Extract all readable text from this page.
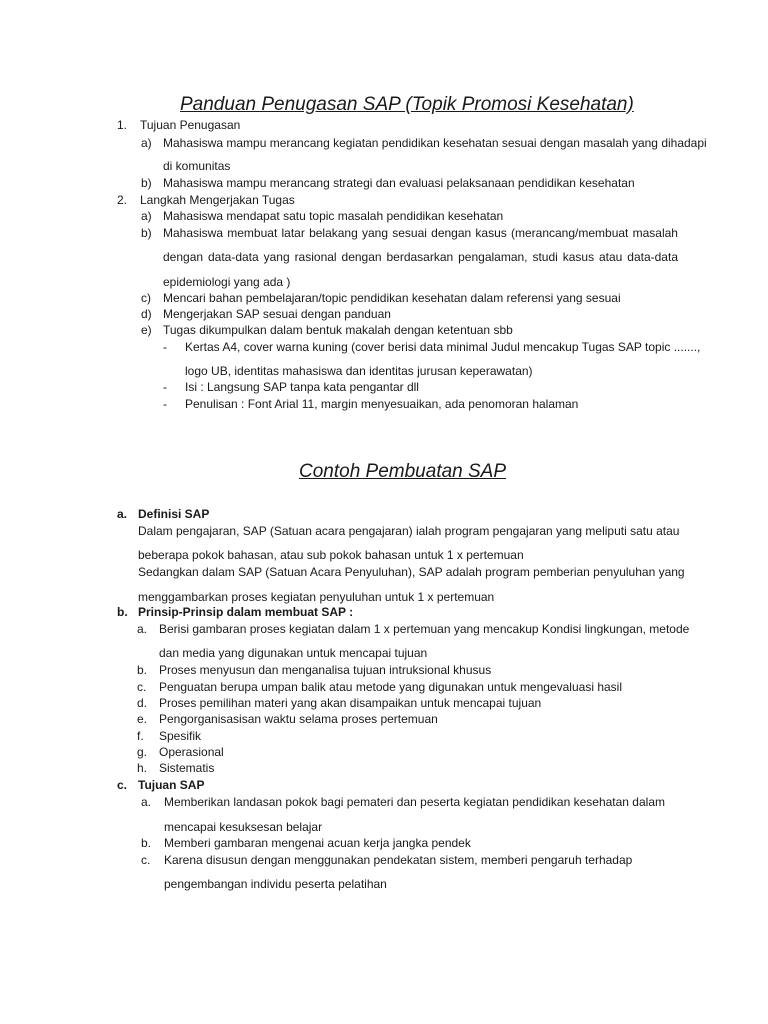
Panduan Penugasan SAP (Topik Promosi Kesehatan)
1. Tujuan Penugasan
a) Mahasiswa mampu merancang kegiatan pendidikan kesehatan sesuai dengan masalah yang dihadapi
di komunitas
b) Mahasiswa mampu merancang strategi dan evaluasi pelaksanaan pendidikan kesehatan
2. Langkah Mengerjakan Tugas
a) Mahasiswa mendapat satu topic masalah pendidikan kesehatan
b) Mahasiswa membuat latar belakang yang sesuai dengan kasus (merancang/membuat masalah
dengan data-data yang rasional dengan berdasarkan pengalaman, studi kasus atau data-data
epidemiologi yang ada )
c) Mencari bahan pembelajaran/topic pendidikan kesehatan dalam referensi yang sesuai
d) Mengerjakan SAP sesuai dengan panduan
e) Tugas dikumpulkan dalam bentuk makalah dengan ketentuan sbb
- Kertas A4, cover warna kuning (cover berisi data minimal Judul mencakup Tugas SAP topic .......,
logo UB, identitas mahasiswa dan identitas jurusan keperawatan)
- Isi : Langsung SAP tanpa kata pengantar dll
- Penulisan : Font Arial 11, margin menyesuaikan, ada penomoran halaman
Contoh Pembuatan SAP
a. Definisi SAP
Dalam pengajaran, SAP (Satuan acara pengajaran) ialah program pengajaran yang meliputi satu atau
beberapa pokok bahasan, atau sub pokok bahasan untuk 1 x pertemuan
Sedangkan dalam SAP (Satuan Acara Penyuluhan), SAP adalah program pemberian penyuluhan yang
menggambarkan proses kegiatan penyuluhan untuk 1 x pertemuan
b. Prinsip-Prinsip dalam membuat SAP :
a. Berisi gambaran proses kegiatan dalam 1 x pertemuan yang mencakup Kondisi lingkungan, metode
dan media yang digunakan untuk mencapai tujuan
b. Proses menyusun dan menganalisa tujuan intruksional khusus
c. Penguatan berupa umpan balik atau metode yang digunakan untuk mengevaluasi hasil
d. Proses pemilihan materi yang akan disampaikan untuk mencapai tujuan
e. Pengorganisasisan waktu selama proses pertemuan
f. Spesifik
g. Operasional
h. Sistematis
c. Tujuan SAP
a. Memberikan landasan pokok bagi pemateri dan peserta kegiatan pendidikan kesehatan dalam
mencapai kesuksesan belajar
b. Memberi gambaran mengenai acuan kerja jangka pendek
c. Karena disusun dengan menggunakan pendekatan sistem, memberi pengaruh terhadap
pengembangan individu peserta pelatihan
